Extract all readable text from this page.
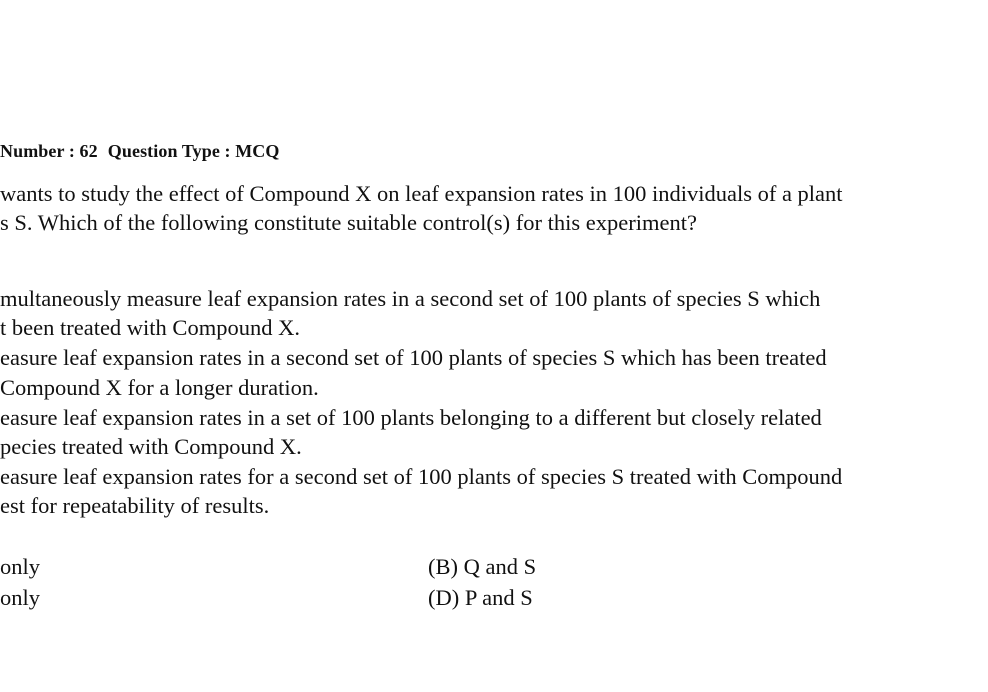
Number : 62 Question Type : MCQ
wants to study the effect of Compound X on leaf expansion rates in 100 individuals of a plant
s S. Which of the following constitute suitable control(s) for this experiment?
multaneously measure leaf expansion rates in a second set of 100 plants of species S which
t been treated with Compound X.
easure leaf expansion rates in a second set of 100 plants of species S which has been treated
Compound X for a longer duration.
easure leaf expansion rates in a set of 100 plants belonging to a different but closely related
pecies treated with Compound X.
easure leaf expansion rates for a second set of 100 plants of species S treated with Compound
est for repeatability of results.
only	(B) Q and S
only	(D) P and S
